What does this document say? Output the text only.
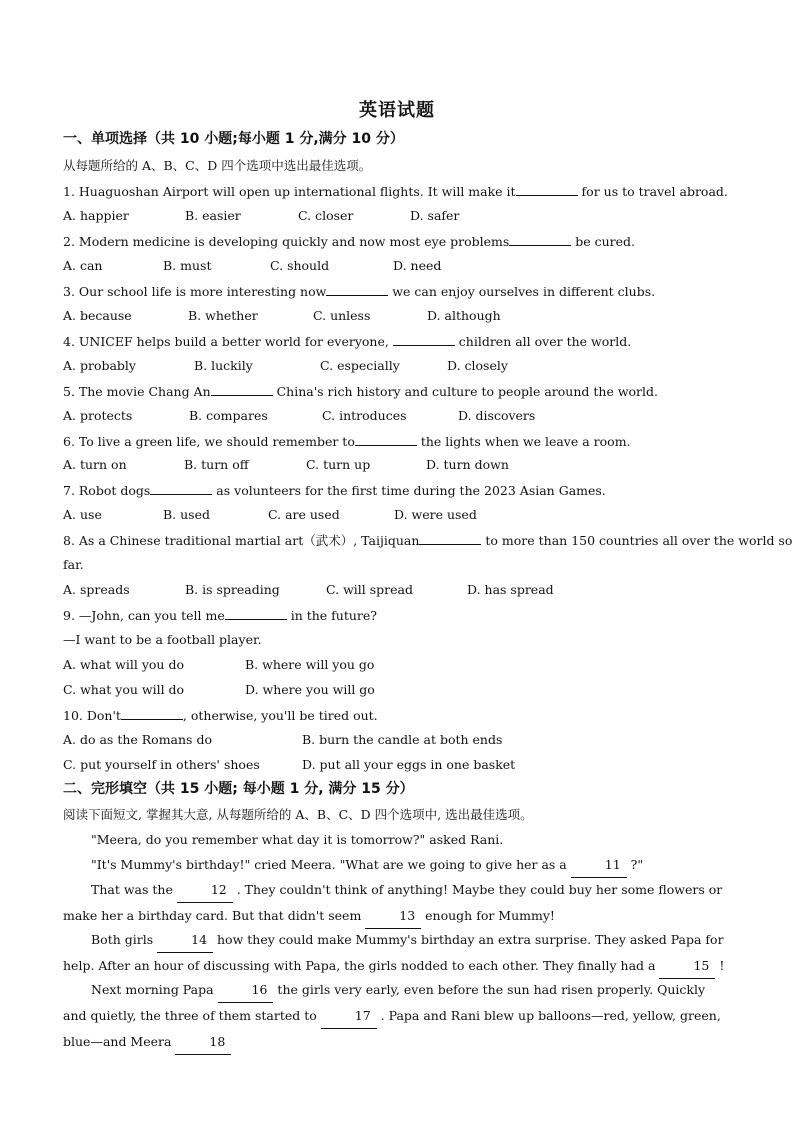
英语试题
一、单项选择（共 10 小题;每小题 1 分,满分 10 分）
从每题所给的 A、B、C、D 四个选项中选出最佳选项。
1. Huaguoshan Airport will open up international flights. It will make it	for us to travel abroad.
A. happier	B. easier	C. closer	D. safer
2. Modern medicine is developing quickly and now most eye problems	be cured.
A. can	B. must	C. should	D. need
3. Our school life is more interesting now	we can enjoy ourselves in different clubs.
A. because	B. whether	C. unless	D. although
4. UNICEF helps build a better world for everyone,	children all over the world.
A. probably	B. luckily	C. especially	D. closely
5. The movie Chang An	China's rich history and culture to people around the world.
A. protects	B. compares	C. introduces	D. discovers
6. To live a green life, we should remember to	the lights when we leave a room.
A. turn on	B. turn off	C. turn up	D. turn down
7. Robot dogs	as volunteers for the first time during the 2023 Asian Games.
A. use	B. used	C. are used	D. were used
8. As a Chinese traditional martial art（武术）, Taijiquan	to more than 150 countries all over the world so
far.
A. spreads	B. is spreading	C. will spread	D. has spread
9. —John, can you tell me	in the future?
—I want to be a football player.
A. what will you do	B. where will you go
C. what you will do	D. where you will go
10. Don't	, otherwise, you'll be tired out.
A. do as the Romans do	B. burn the candle at both ends
C. put yourself in others' shoes	D. put all your eggs in one basket
二、完形填空（共 15 小题; 每小题 1 分, 满分 15 分）
阅读下面短文, 掌握其大意, 从每题所给的 A、B、C、D 四个选项中, 选出最佳选项。
"Meera, do you remember what day it is tomorrow?" asked Rani.
"It's Mummy's birthday!" cried Meera. "What are we going to give her as a	11 ?"
That was the	12 . They couldn't think of anything! Maybe they could buy her some flowers or make her a birthday card. But that didn't seem	13 enough for Mummy!
Both girls	14 how they could make Mummy's birthday an extra surprise. They asked Papa for help. After an hour of discussing with Papa, the girls nodded to each other. They finally had a	15 !
Next morning Papa	16 the girls very early, even before the sun had risen properly. Quickly and quietly, the three of them started to	17 . Papa and Rani blew up balloons—red, yellow, green, blue—and Meera	18
